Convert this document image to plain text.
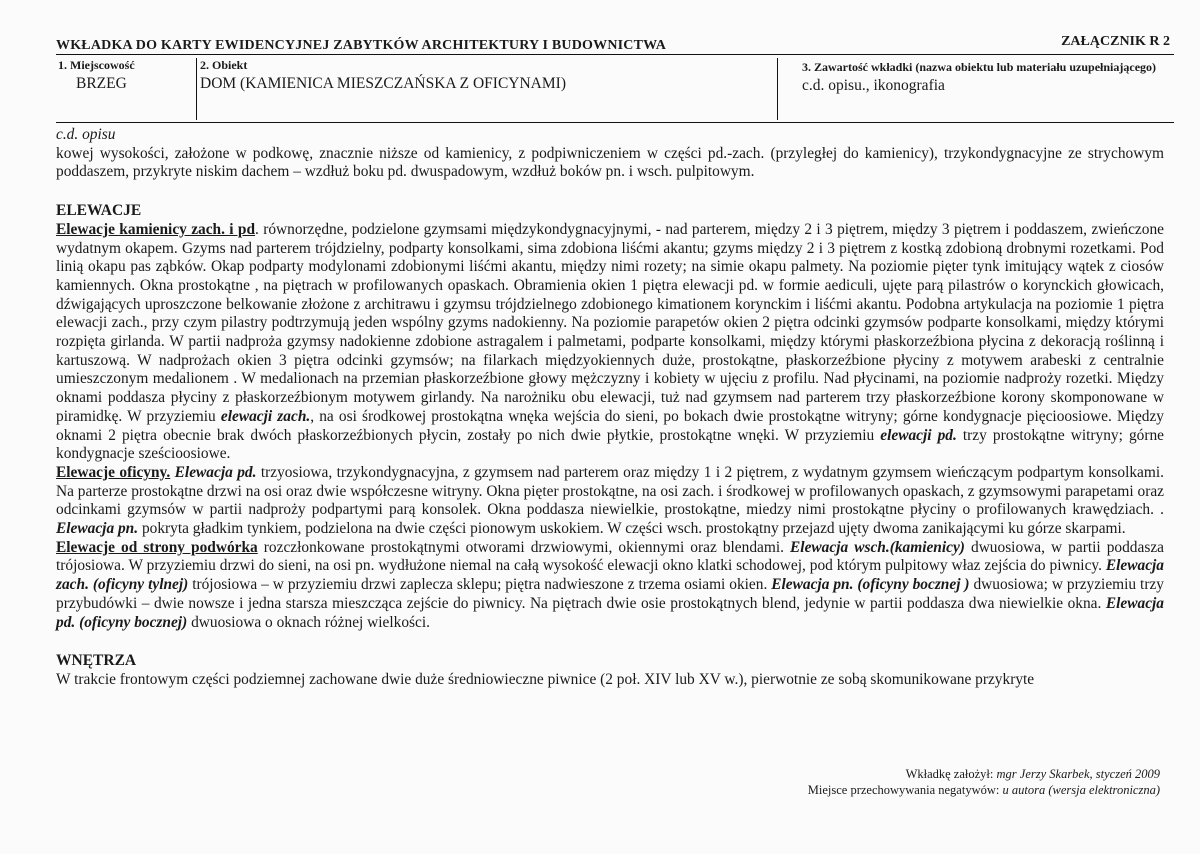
WKŁADKA DO KARTY EWIDENCYJNEJ ZABYTKÓW ARCHITEKTURY I BUDOWNICTWA	ZAŁĄCZNIK R 2
1. Miejscowość
BRZEG
2. Obiekt
DOM (KAMIENICA MIESZCZAŃSKA Z OFICYNAMI)
3. Zawartość wkładki (nazwa obiektu lub materiału uzupełniającego)
c.d. opisu., ikonografia
c.d. opisu

kowej wysokości, założone w podkowę, znacznie niższe od kamienicy, z podpiwniczeniem w części pd.-zach. (przyległej do kamienicy), trzykondygnacyjne ze strychowym poddaszem, przykryte niskim dachem – wzdłuż boku pd. dwuspadowym, wzdłuż boków pn. i wsch. pulpitowym.

ELEWACJE

Elewacje kamienicy zach. i pd. równorzędne, podzielone gzymsami międzykondygnacyjnymi, - nad parterem, między 2 i 3 piętrem, między 3 piętrem i poddaszem, zwieńczone wydatnym okapem. Gzyms nad parterem trójdzielny, podparty konsolkami, sima zdobiona liśćmi akantu; gzyms między 2 i 3 piętrem z kostką zdobioną drobnymi rozetkami. Pod linią okapu pas ząbków. Okap podparty modylonami zdobionymi liśćmi akantu, między nimi rozety; na simie okapu palmety. Na poziomie pięter tynk imitujący wątek z ciosów kamiennych. Okna prostokątne , na piętrach w profilowanych opaskach. Obramienia okien 1 piętra elewacji pd. w formie aediculi, ujęte parą pilastrów o korynckich głowicach, dźwigających uproszczone belkowanie złożone z architrawu i gzymsu trójdzielnego zdobionego kimationem korynckim i liśćmi akantu. Podobna artykulacja na poziomie 1 piętra elewacji zach., przy czym pilastry podtrzymują jeden wspólny gzyms nadokienny. Na poziomie parapetów okien 2 piętra odcinki gzymsów podparte konsolkami, między którymi rozpięta girlanda. W partii nadproża gzymsy nadokienne zdobione astragalem i palmetami, podparte konsolkami, między którymi płaskorzeźbiona płycina z dekoracją roślinną i kartuszową. W nadprożach okien 3 piętra odcinki gzymsów; na filarkach międzyokiennych duże, prostokątne, płaskorzeźbione płyciny z motywem arabeski z centralnie umieszczonym medalionem . W medalionach na przemian płaskorzeźbione głowy mężczyzny i kobiety w ujęciu z profilu. Nad płycinami, na poziomie nadproży rozetki. Między oknami poddasza płyciny z płaskorzeźbionym motywem girlandy. Na narożniku obu elewacji, tuż nad gzymsem nad parterem trzy płaskorzeźbione korony skomponowane w piramidkę. W przyziemiu elewacji zach., na osi środkowej prostokątna wnęka wejścia do sieni, po bokach dwie prostokątne witryny; górne kondygnacje pięcioosiowe. Między oknami 2 piętra obecnie brak dwóch płaskorzeźbionych płycin, zostały po nich dwie płytkie, prostokątne wnęki. W przyziemiu elewacji pd. trzy prostokątne witryny; górne kondygnacje sześcioosiowe.

Elewacje oficyny. Elewacja pd. trzyosiowa, trzykondygnacyjna, z gzymsem nad parterem oraz między 1 i 2 piętrem, z wydatnym gzymsem wieńczącym podpartym konsolkami. Na parterze prostokątne drzwi na osi oraz dwie współczesne witryny. Okna pięter prostokątne, na osi zach. i środkowej w profilowanych opaskach, z gzymsowymi parapetami oraz odcinkami gzymsów w partii nadproży podpartymi parą konsolek. Okna poddasza niewielkie, prostokątne, miedzy nimi prostokątne płyciny o profilowanych krawędziach. . Elewacja pn. pokryta gładkim tynkiem, podzielona na dwie części pionowym uskokiem. W części wsch. prostokątny przejazd ujęty dwoma zanikającymi ku górze skarpami.

Elewacje od strony podwórka rozczłonkowane prostokątnymi otworami drzwiowymi, okiennymi oraz blendami. Elewacja wsch.(kamienicy) dwuosiowa, w partii poddasza trójosiowa. W przyziemiu drzwi do sieni, na osi pn. wydłużone niemal na całą wysokość elewacji okno klatki schodowej, pod którym pulpitowy właz zejścia do piwnicy. Elewacja zach. (oficyny tylnej) trójosiowa – w przyziemiu drzwi zaplecza sklepu; piętra nadwieszone z trzema osiami okien. Elewacja pn. (oficyny bocznej ) dwuosiowa; w przyziemiu trzy przybudówki – dwie nowsze i jedna starsza mieszcząca zejście do piwnicy. Na piętrach dwie osie prostokątnych blend, jedynie w partii poddasza dwa niewielkie okna. Elewacja pd. (oficyny bocznej) dwuosiowa o oknach różnej wielkości.

WNĘTRZA

W trakcie frontowym części podziemnej zachowane dwie duże średniowieczne piwnice (2 poł. XIV lub XV w.), pierwotnie ze sobą skomunikowane przykryte

Wkładkę założył: mgr Jerzy Skarbek, styczeń 2009
Miejsce przechowywania negatywów: u autora (wersja elektroniczna)
